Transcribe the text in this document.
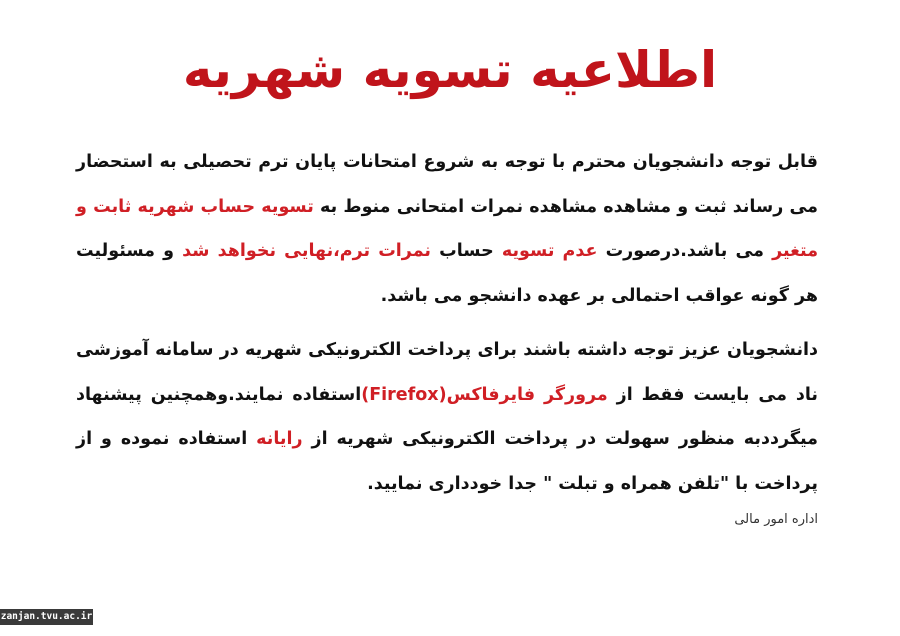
اطلاعیه تسویه شهریه

قابل توجه دانشجویان محترم با توجه به شروع امتحانات پایان ترم تحصیلی به استحضار می رساند ثبت و مشاهده مشاهده نمرات امتحانی منوط به تسویه حساب شهریه ثابت و متغیر می باشد.درصورت عدم تسویه حساب نمرات ترم،نهایی نخواهد شد و مسئولیت هر گونه عواقب احتمالی بر عهده دانشجو می باشد.

دانشجویان عزیز توجه داشته باشند برای پرداخت الکترونیکی شهریه در سامانه آموزشی ناد می بایست فقط از مرورگر فایرفاکس(Firefox)استفاده نمایند.وهمچنین پیشنهاد میگرددبه منظور سهولت در پرداخت الکترونیکی شهریه از رایانه استفاده نموده و از پرداخت با "تلفن همراه و تبلت " جدا خودداری نمایید.

اداره امور مالی
zanjan.tvu.ac.ir
